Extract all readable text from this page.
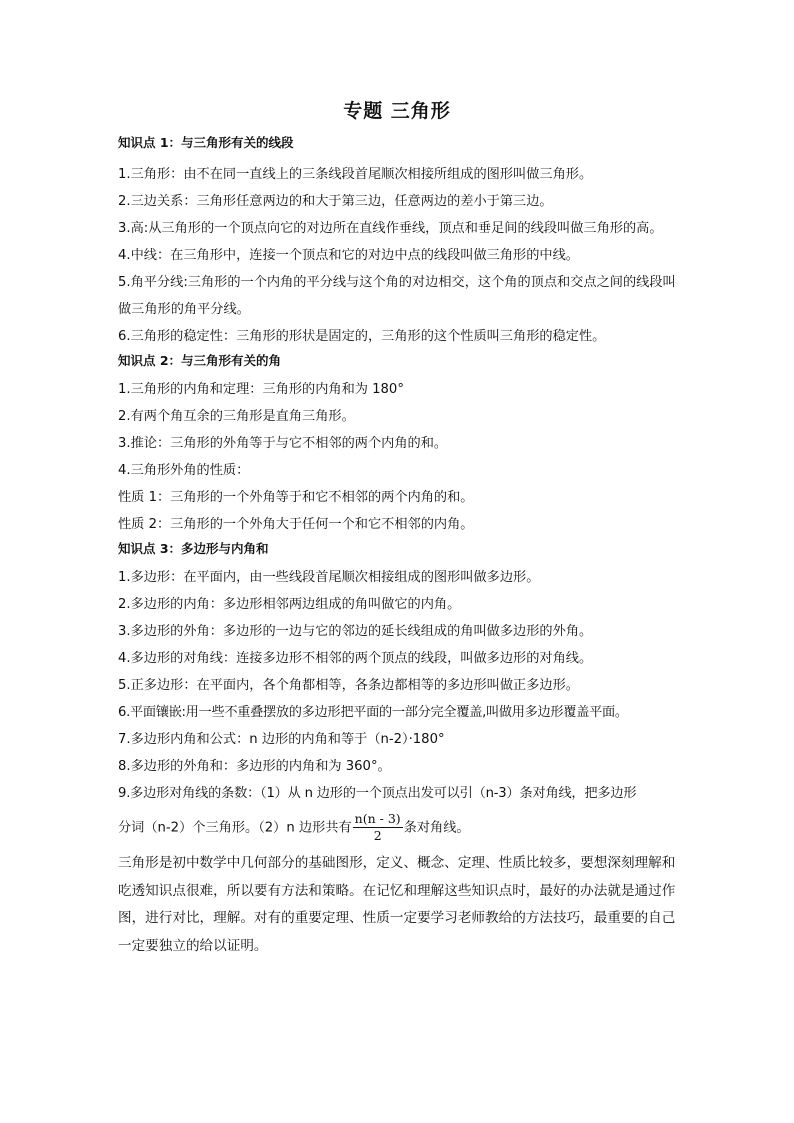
专题 三角形
知识点 1：与三角形有关的线段

1.三角形：由不在同一直线上的三条线段首尾顺次相接所组成的图形叫做三角形。

2.三边关系：三角形任意两边的和大于第三边，任意两边的差小于第三边。

3.高:从三角形的一个顶点向它的对边所在直线作垂线，顶点和垂足间的线段叫做三角形的高。

4.中线：在三角形中，连接一个顶点和它的对边中点的线段叫做三角形的中线。

5.角平分线:三角形的一个内角的平分线与这个角的对边相交，这个角的顶点和交点之间的线段叫做三角形的角平分线。

6.三角形的稳定性：三角形的形状是固定的，三角形的这个性质叫三角形的稳定性。

知识点 2：与三角形有关的角

1.三角形的内角和定理：三角形的内角和为 180°

2.有两个角互余的三角形是直角三角形。

3.推论：三角形的外角等于与它不相邻的两个内角的和。

4.三角形外角的性质：

性质 1：三角形的一个外角等于和它不相邻的两个内角的和。

性质 2：三角形的一个外角大于任何一个和它不相邻的内角。

知识点 3：多边形与内角和

1.多边形：在平面内，由一些线段首尾顺次相接组成的图形叫做多边形。

2.多边形的内角：多边形相邻两边组成的角叫做它的内角。

3.多边形的外角：多边形的一边与它的邻边的延长线组成的角叫做多边形的外角。

4.多边形的对角线：连接多边形不相邻的两个顶点的线段，叫做多边形的对角线。

5.正多边形：在平面内，各个角都相等，各条边都相等的多边形叫做正多边形。

6.平面镶嵌:用一些不重叠摆放的多边形把平面的一部分完全覆盖,叫做用多边形覆盖平面。

7.多边形内角和公式：n 边形的内角和等于（n-2）·180°

8.多边形的外角和：多边形的内角和为 360°。

9.多边形对角线的条数：（1）从 n 边形的一个顶点出发可以引（n-3）条对角线，把多边形

分词（n-2）个三角形。（2）n 边形共有 $\frac{n(n - 3)}{2}$ 条对角线。

三角形是初中数学中几何部分的基础图形，定义、概念、定理、性质比较多，要想深刻理解和吃透知识点很难，所以要有方法和策略。在记忆和理解这些知识点时，最好的办法就是通过作图，进行对比，理解。对有的重要定理、性质一定要学习老师教给的方法技巧，最重要的自己一定要独立的给以证明。
